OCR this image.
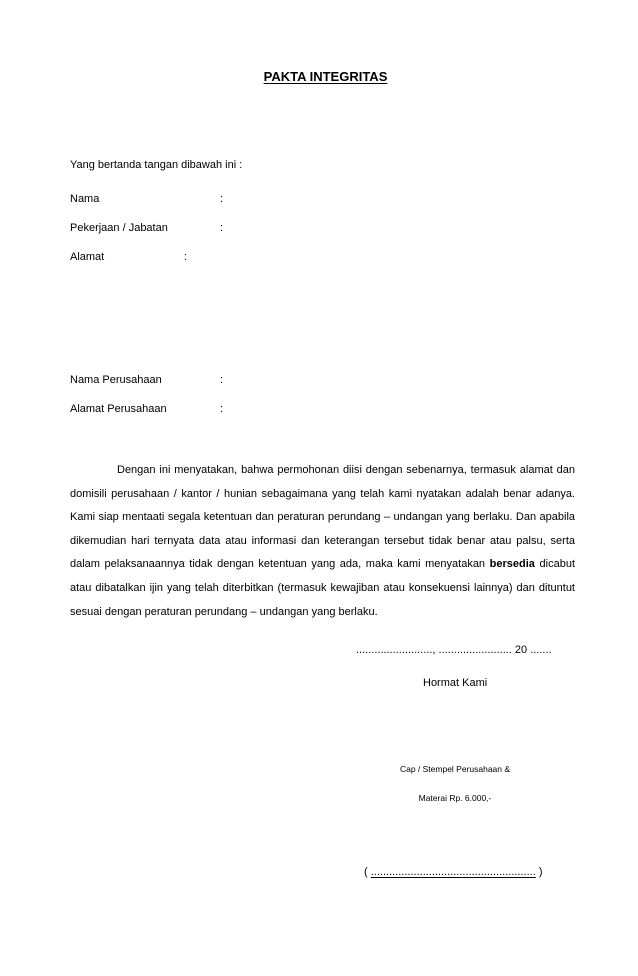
PAKTA INTEGRITAS
Yang bertanda tangan dibawah ini :
Nama	:
Pekerjaan / Jabatan	:
Alamat	:
Nama Perusahaan	:
Alamat Perusahaan	:

Dengan ini menyatakan, bahwa permohonan diisi dengan sebenarnya, termasuk alamat dan domisili perusahaan / kantor / hunian sebagaimana yang telah kami nyatakan adalah benar adanya. Kami siap mentaati segala ketentuan dan peraturan perundang – undangan yang berlaku. Dan apabila dikemudian hari ternyata data atau informasi dan keterangan tersebut tidak benar atau palsu, serta dalam pelaksanaannya tidak dengan ketentuan yang ada, maka kami menyatakan bersedia dicabut atau dibatalkan ijin yang telah diterbitkan (termasuk kewajiban atau konsekuensi lainnya) dan dituntut sesuai dengan peraturan perundang – undangan yang berlaku.

........................., ........................ 20 .......
Hormat Kami
Cap / Stempel Perusahaan &
Materai Rp. 6.000,-
( ...................................................... )
